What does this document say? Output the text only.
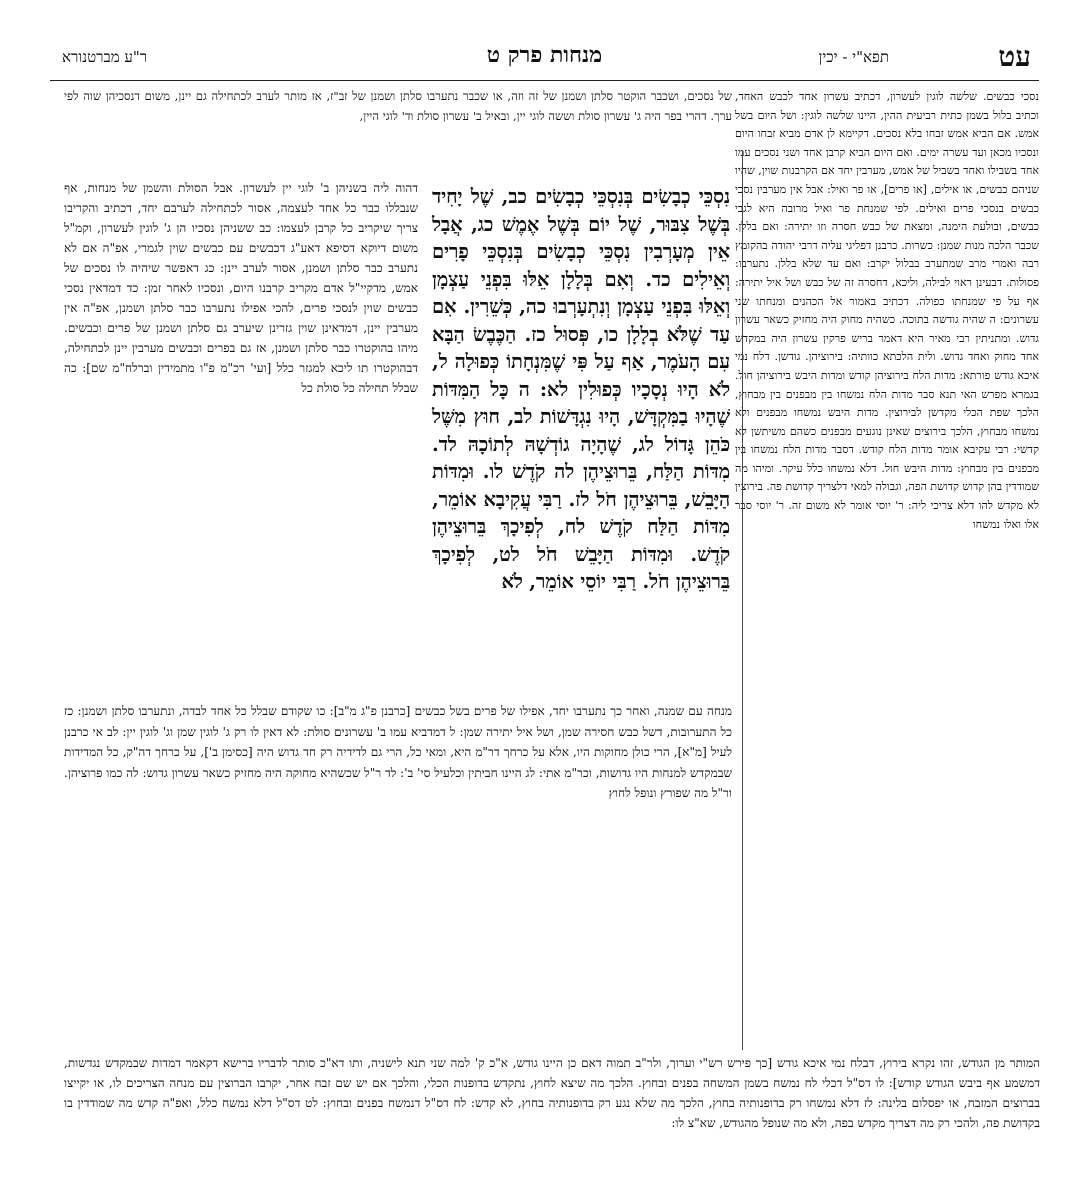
עט
תפא"י - יכין
מנחות פרק ט
ר"ע מברטנורא

נסכי כבשים. שלשה לוגין לעשרון, דכתיב עשרון אחד לכבש האחד, וכתיב בלול בשמן כתית רביעית ההין, היינו שלשה לוגין: ושל היום בשל אמש. אם הביא אמש זבחו בלא נסכים. דקיימא לן אדם מביא זבחו היום ונסכיו מכאן ועד עשרה ימים. ואם היום הביא קרבן אחד ושני נסכים עמו אחד בשבילו ואחד בשביל של אמש, מערבין יחד אם הקרבנות שוין, שהיו שניהם כבשים, או אילים, [או פרים], או פר ואיל: אבל אין מערבין נסכי כבשים בנסכי פרים ואילים. לפי שמנחת פר ואיל מרובה היא לגבי כבשים, ובולעת הימנה, ומצאת של כבש חסרה וזו יתירה: ואם בללן. שכבר הלכה מנות שמנן: כשרות. כרבנן דפליגי עליה דרבי יהודה בהקומץ רבה ואמרי מרב שמתערב בבלול יקרב: ואם עד שלא בללן. נתערבו: פסולות. דבעינן ראוי לבילה, וליכא, דחסרה זה של כבש ושל איל יתירה: אף על פי שמנחתו כפולה. דכתיב באמור אל הכהנים ומנחתו שני עשרונים: ה שהיה גודשה בתוכה. כשהיה מחוק היה מחזיק כשאר עשרון גדוש. ומתניתין רבי מאיר היא דאמר בריש פרקין עשרון היה במקדש אחד מחוק ואחד גדוש. ולית הלכתא כוותיה: בירוציהן. גודשן. דלח נמי איכא גודש פורתא: מדות הלח בירוציהן קודש ומדות היבש בירוציהן חול. בגמרא מפרש האי תנא סבר מדות הלח נמשחו בין מבפנים בין מבחוץ, הלכך שפת הכלי מקדשן לבירוצין. מדות היבש נמשחו מבפנים ולא נמשחו מבחוץ, הלכך בירוצים שאינן נוגעים מבפנים כשהם משיתשן לא קדשי: רבי עקיבא אומר מדות הלח קודש. דסבר מדות הלח נמשחו בין מבפנים בין מבחוץ: מדות היבש חול. דלא נמשחו כלל עיקר. ומיהו מה שמודדין בהן קדוש קדושת הפה, וגבולה למאי דלצריך קדושת פה. בירוצין לא מקדש להו דלא צריכי ליה: ר' יוסי אומר לא משום זה. ר' יוסי סבר אלו ואלו נמשחו

של נסכים, ושכבר הוקטר סלתן ושמנן של זה וזה, או שכבר נתערבו סלתן ושמנן של זב"ז, אז מותר לערב לכתחילה גם יינן, משום דנסכיהן שוה לפי ערך. דהרי בפר היה ג' עשרון סולת וששה לוגי יין, ובאיל ב' עשרון סולת וד' לוגי היין,

נִסְכֵּי כְבָשִׂים בְּנִסְכֵּי כְבָשִׂים כב, שֶׁל יָחִיד בְּשֶׁל צִבּוּר, שֶׁל יוֹם בְּשֶׁל אֶמֶשׁ כג, אֲבָל אֵין מְעָרְבִין נִסְכֵּי כְבָשִׂים בְּנִסְכֵּי פָרִים וְאֵילִים כד. וְאִם בְּלָלָן אֵלּוּ בִּפְנֵי עַצְמָן וְאֵלּוּ בִּפְנֵי עַצְמָן וְנִתְעָרְבוּ כה, כְּשֵׁרִין. אִם עַד שֶׁלֹּא בְלָלָן כו, פְּסוּל כז. הַכֶּבֶשׂ הַבָּא עִם הָעֹמֶר, אַף עַל פִּי שֶׁמִּנְחָתוֹ כְּפוּלָה ל, לֹא הָיוּ נְסָכָיו כְּפוּלִין לא: ה כָּל הַמִּדּוֹת שֶׁהָיוּ בַמִּקְדָּשׁ, הָיוּ נִגְדָּשׁוֹת לב, חוּץ מִשֶּׁל כֹּהֵן גָּדוֹל לג, שֶׁהָיָה גוֹדְשָׁהּ לְתוֹכָהּ לד. מִדּוֹת הַלַּח, בֵּרוּצֵיהֶן לה קֹדֶשׁ לו. וּמִדּוֹת הַיָּבֵשׁ, בֵּרוּצֵיהֶן חֹל לז. רַבִּי עֲקִיבָא אוֹמֵר, מִדּוֹת הַלַּח קֹדֶשׁ לח, לְפִיכָךְ בֵּרוּצֵיהֶן קֹדֶשׁ. וּמִדּוֹת הַיָּבֵשׁ חֹל לט, לְפִיכָךְ בֵּרוּצֵיהֶן חֹל. רַבִּי יוֹסֵי אוֹמֵר, לֹא

דהוה ליה בשניהן ב' לוגי יין לעשרון. אבל הסולת והשמן של מנחות, אף שנבללו כבר כל אחד לעצמה, אסור לכתחילה לערבם יחד, דכתיב והקריבו צריך שיקריב כל קרבן לעצמו: כב ששניהן נסכיו הן ג' לוגין לעשרון, וקמ"ל משום דיוקא דסיפא דאע"ג דכבשים עם כבשים שוין לגמרי, אפ"ה אם לא נתערב כבר סלתן ושמנן, אסור לערב יינן: כג דאפשר שיהיה לו נסכים של אמש, מדקיי"ל אדם מקריב קרבנו היום, ונסכיו לאחר זמן: כד דמדאין נסכי כבשים שוין לנסכי פרים, להכי אפילו נתערבו כבר סלתן ושמנן, אפ"ה אין מערבין יינן, דמדאינן שוין גזרינן שיערב גם סלתן ושמנן של פרים וכבשים. מיהו בהוקטרו כבר סלתן ושמנן, אז גם בפרים וכבשים מערבין יינן לכתחילה, דבהוקטרו תו ליכא למגזר כלל [ועי' רכ"מ פ"ו מתמידין וברלח"מ שם]: כה שבלל תחילה כל סולת כל

מנחה עם שמנה, ואחר כך נתערבו יחד, אפילו של פרים בשל כבשים [כרבנן פ"ג מ"ב]: כו שקודם שבלל כל אחד לבדה, ונתערבו סלתן ושמנן: כז כל התערובות, דשל כבש חסירה שמן, ושל איל יתירה שמן: ל דמדביא עמו ב' עשרונים סולת: לא דאין לו רק ג' לוגין שמן וג' לוגין יין: לב אי כרבנן לעיל [מ"א], הרי כולן מחוקות היו, אלא על כרחך דר"מ היא, ומאי כל, הרי גם לדידיה רק חד גדוש היה [כסימן ב'], על כרחך דה"ק, כל המדידות שבמקדש למנחות היו גדושות, וכר"מ אתי: לג היינו חביתין וכלעיל סי' ב': לד ר"ל שכשהיא מחוקה היה מחזיק כשאר עשרון גדוש: לה כמו פרוציהן. ור"ל מה שפורץ ונופל לחוץ

המותר מן הגודש, זהו נקרא בירוץ, דבלח נמי איכא גודש [כך פירש רש"י וערוך, ולר"ב תמוה דאם כן היינו גודש, א"כ ק' למה שני תנא לישניה, ותו דא"כ סותר לדבריו ברישא דקאמר דמדות שבמקדש נגדשות, דמשמע אף ביבש הגודש קודש]: לו דס"ל דכלי לח נמשח בשמן המשחה בפנים ובחוץ. הלכך מה שיצא לחוץ, נתקדש בדופנות הכלי, והלכך אם יש שם זבח אחר, יקרבו הברוצין עם מנחה הצריכים לו, או יקייצו בברוצים המזבח, או יפסלום בלינה: לז דלא נמשחו רק בדופנותיה בחוץ, הלכך מה שלא נגע רק בדופנותיה בחוץ, לא קדש: לח דס"ל דנמשח בפנים ובחוץ: לט דס"ל דלא נמשח כלל, ואפ"ה קדש מה שמודדין בו בקדושת פה, ולהכי רק מה דצריך מקדש בפה, ולא מה שנופל מהגודש, שא"צ לו:
